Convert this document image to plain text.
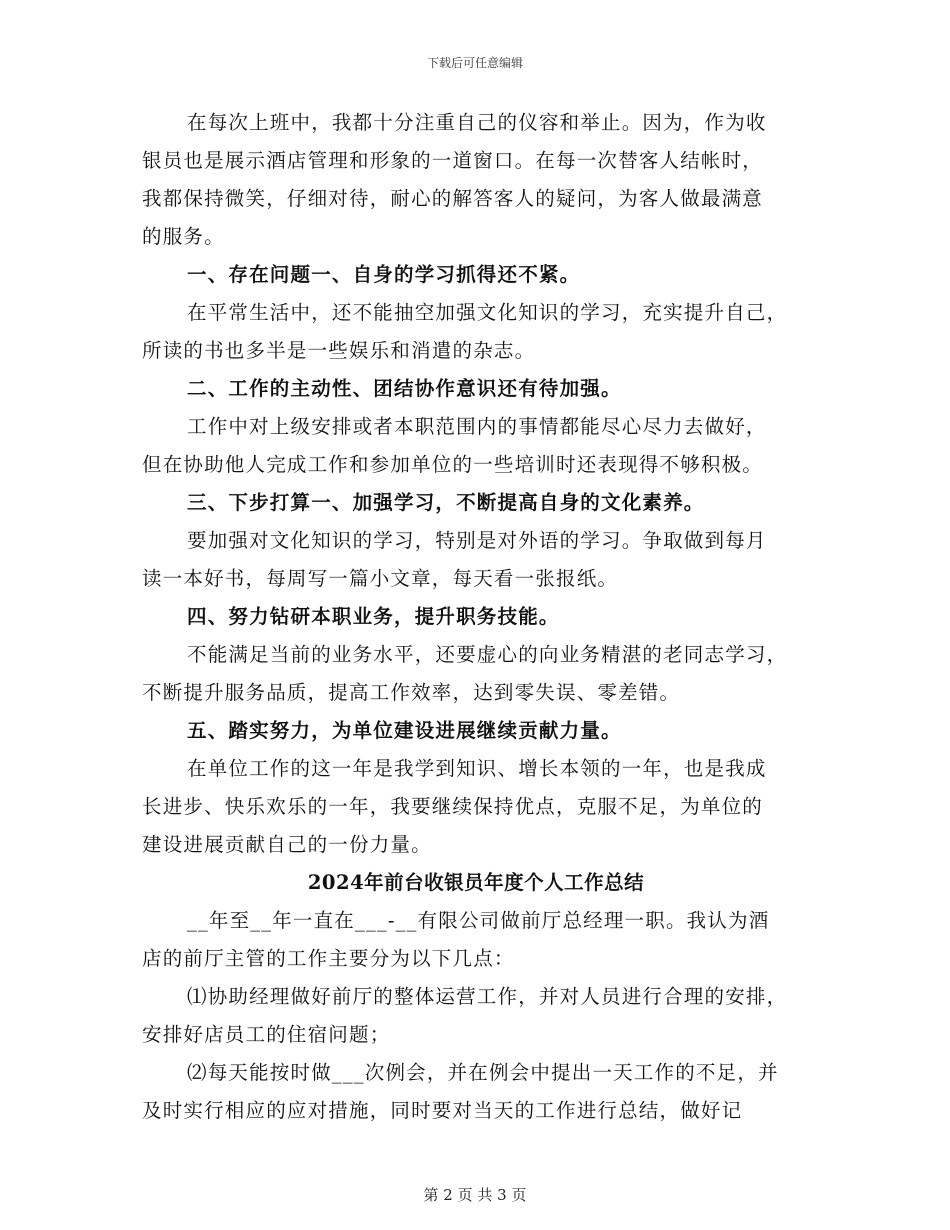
下载后可任意编辑
在每次上班中，我都十分注重自己的仪容和举止。因为，作为收
银员也是展示酒店管理和形象的一道窗口。在每一次替客人结帐时，
我都保持微笑，仔细对待，耐心的解答客人的疑问，为客人做最满意
的服务。
一、存在问题一、自身的学习抓得还不紧。
在平常生活中，还不能抽空加强文化知识的学习，充实提升自己，
所读的书也多半是一些娱乐和消遣的杂志。
二、工作的主动性、团结协作意识还有待加强。
工作中对上级安排或者本职范围内的事情都能尽心尽力去做好，
但在协助他人完成工作和参加单位的一些培训时还表现得不够积极。
三、下步打算一、加强学习，不断提高自身的文化素养。
要加强对文化知识的学习，特别是对外语的学习。争取做到每月
读一本好书，每周写一篇小文章，每天看一张报纸。
四、努力钻研本职业务，提升职务技能。
不能满足当前的业务水平，还要虚心的向业务精湛的老同志学习，
不断提升服务品质，提高工作效率，达到零失误、零差错。
五、踏实努力，为单位建设进展继续贡献力量。
在单位工作的这一年是我学到知识、增长本领的一年，也是我成
长进步、快乐欢乐的一年，我要继续保持优点，克服不足，为单位的
建设进展贡献自己的一份力量。
2024年前台收银员年度个人工作总结
__年至__年一直在___-__有限公司做前厅总经理一职。我认为酒
店的前厅主管的工作主要分为以下几点：
⑴协助经理做好前厅的整体运营工作，并对人员进行合理的安排，
安排好店员工的住宿问题；
⑵每天能按时做___次例会，并在例会中提出一天工作的不足，并
及时实行相应的应对措施，同时要对当天的工作进行总结，做好记
第 2 页 共 3 页
